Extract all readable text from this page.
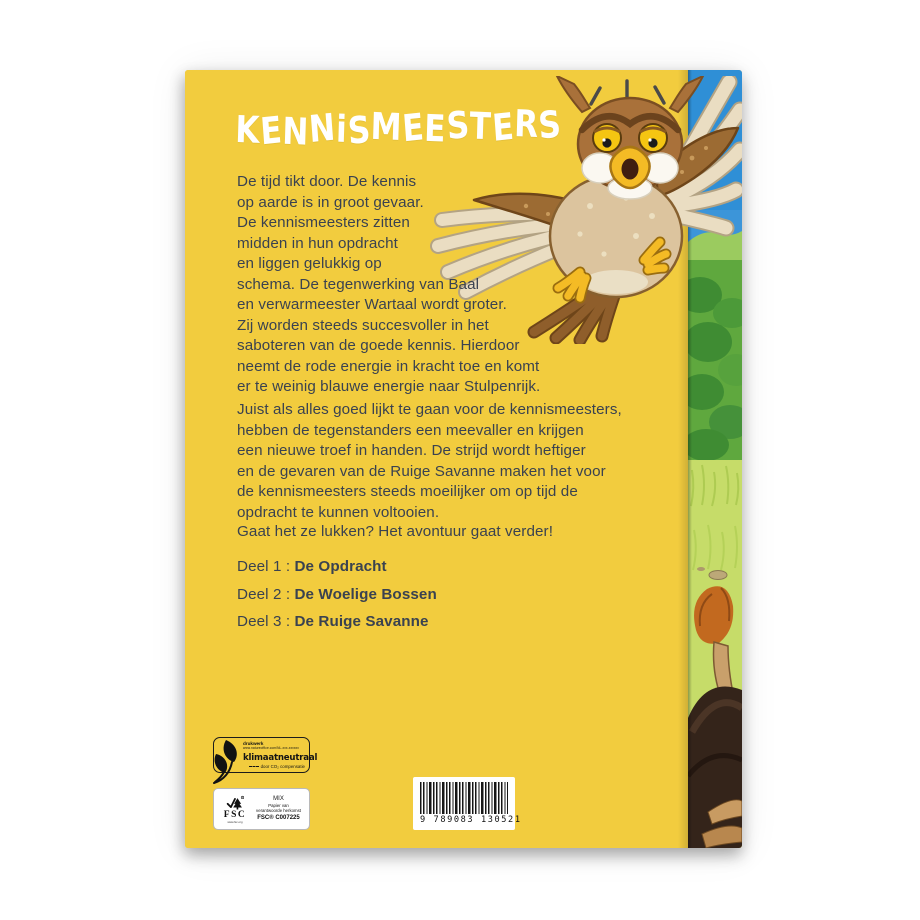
KENNiSMEESTERS
De tijd tikt door. De kennis
op aarde is in groot gevaar.
De kennismeesters zitten
midden in hun opdracht
en liggen gelukkig op
schema. De tegenwerking van Baal
en verwarmeester Wartaal wordt groter.
Zij worden steeds succesvoller in het
saboteren van de goede kennis. Hierdoor
neemt de rode energie in kracht toe en komt
er te weinig blauwe energie naar Stulpenrijk.
Juist als alles goed lijkt te gaan voor de kennismeesters,
hebben de tegenstanders een meevaller en krijgen
een nieuwe troef in handen. De strijd wordt heftiger
en de gevaren van de Ruige Savanne maken het voor
de kennismeesters steeds moeilijker om op tijd de
opdracht te kunnen voltooien.
Gaat het ze lukken? Het avontuur gaat verder!
Deel 1 : De Opdracht
Deel 2 : De Woelige Bossen
Deel 3 : De Ruige Savanne
drukwerk
www.natureoffice.com/NL-xxx-xxxxxx
klimaatneutraal
door CO₂ compensatie
R
FSC
www.fsc.org
MIX
Papier van
verantwoorde herkomst
FSC® C007225	9 789083 130521
